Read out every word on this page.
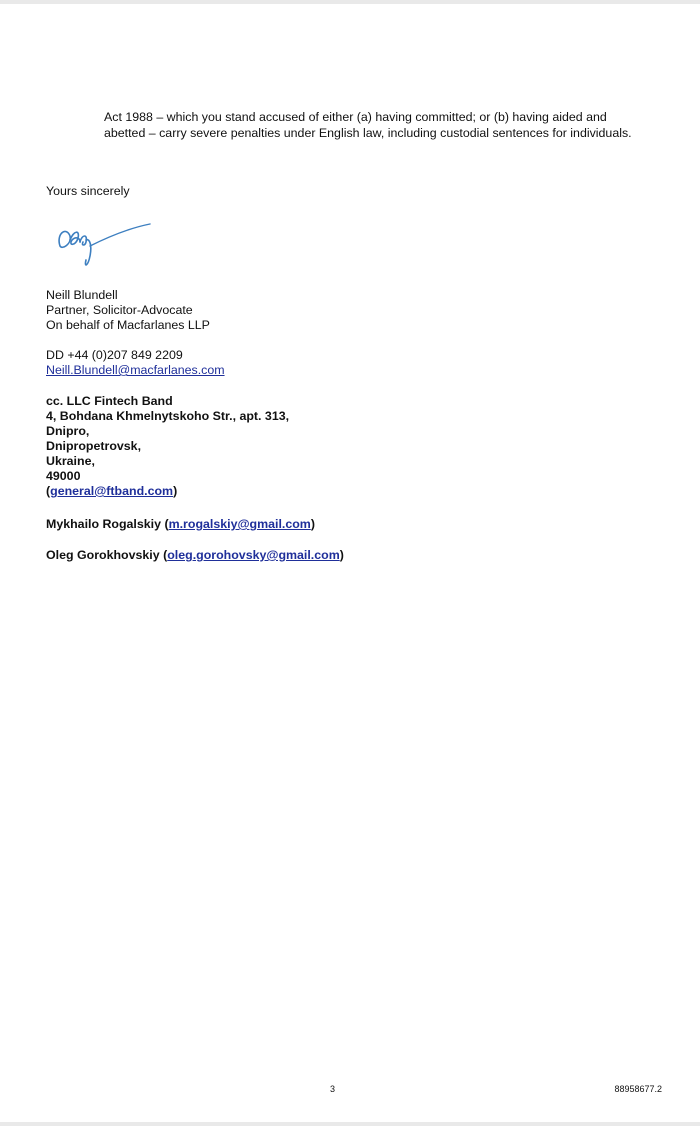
Act 1988 – which you stand accused of either (a) having committed; or (b) having aided and
abetted – carry severe penalties under English law, including custodial sentences for individuals.
Yours sincerely
Neill Blundell
Partner, Solicitor-Advocate
On behalf of Macfarlanes LLP
DD +44 (0)207 849 2209
Neill.Blundell@macfarlanes.com
cc. LLC Fintech Band
4, Bohdana Khmelnytskoho Str., apt. 313,
Dnipro,
Dnipropetrovsk,
Ukraine,
49000
(general@ftband.com)
Mykhailo Rogalskiy (m.rogalskiy@gmail.com)
Oleg Gorokhovskiy (oleg.gorohovsky@gmail.com)
3	88958677.2
